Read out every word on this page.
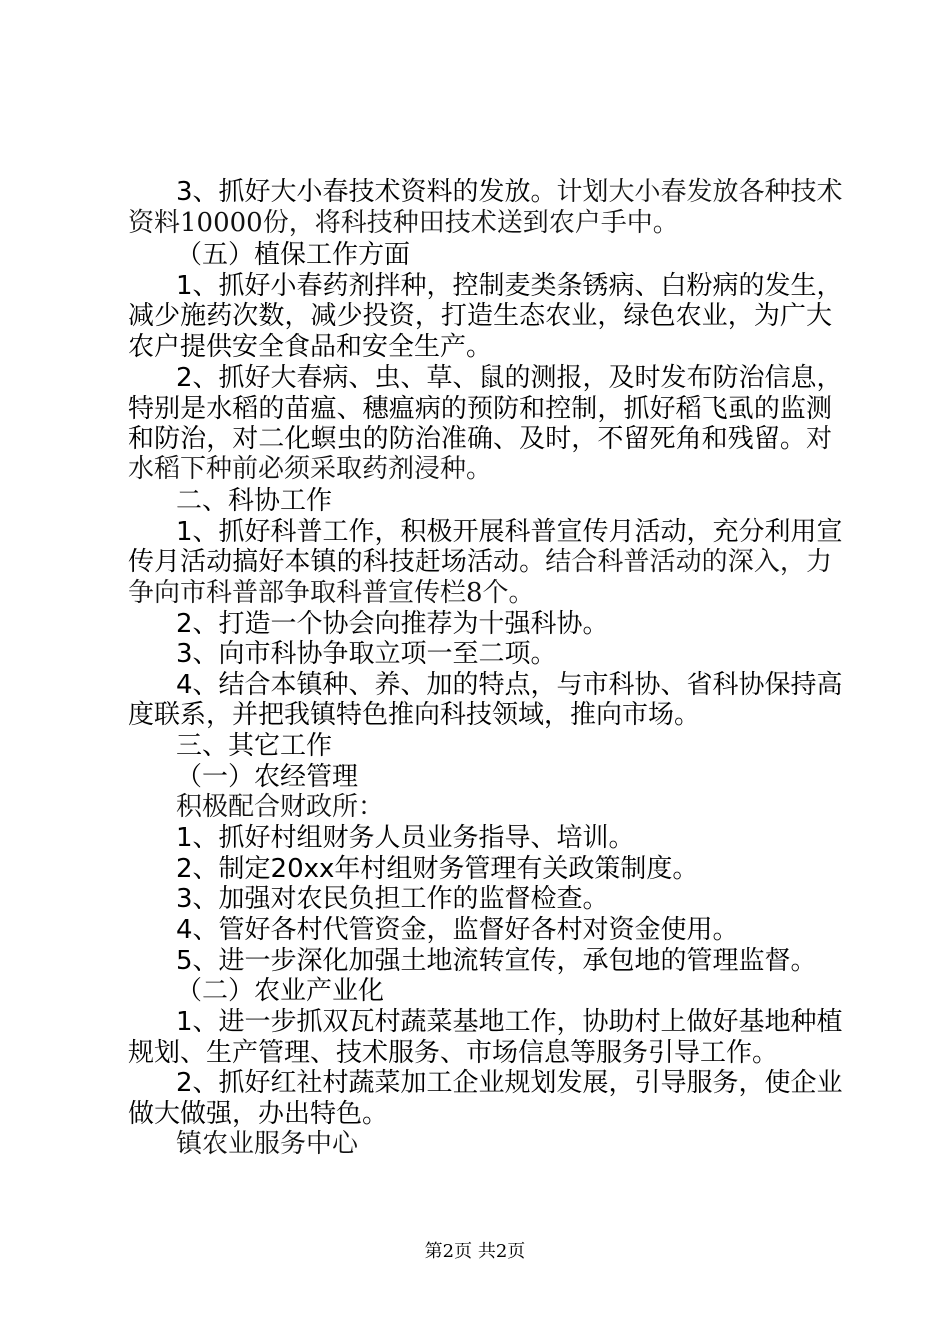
3、抓好大小春技术资料的发放。计划大小春发放各种技术
资料10000份，将科技种田技术送到农户手中。
（五）植保工作方面
1、抓好小春药剂拌种，控制麦类条锈病、白粉病的发生，
减少施药次数，减少投资，打造生态农业，绿色农业，为广大
农户提供安全食品和安全生产。
2、抓好大春病、虫、草、鼠的测报，及时发布防治信息，
特别是水稻的苗瘟、穗瘟病的预防和控制，抓好稻飞虱的监测
和防治，对二化螟虫的防治准确、及时，不留死角和残留。对
水稻下种前必须采取药剂浸种。
二、科协工作
1、抓好科普工作，积极开展科普宣传月活动，充分利用宣
传月活动搞好本镇的科技赶场活动。结合科普活动的深入，力
争向市科普部争取科普宣传栏8个。
2、打造一个协会向推荐为十强科协。
3、向市科协争取立项一至二项。
4、结合本镇种、养、加的特点，与市科协、省科协保持高
度联系，并把我镇特色推向科技领域，推向市场。
三、其它工作
（一）农经管理
积极配合财政所：
1、抓好村组财务人员业务指导、培训。
2、制定20xx年村组财务管理有关政策制度。
3、加强对农民负担工作的监督检查。
4、管好各村代管资金，监督好各村对资金使用。
5、进一步深化加强土地流转宣传，承包地的管理监督。
（二）农业产业化
1、进一步抓双瓦村蔬菜基地工作，协助村上做好基地种植
规划、生产管理、技术服务、市场信息等服务引导工作。
2、抓好红社村蔬菜加工企业规划发展，引导服务，使企业
做大做强，办出特色。
镇农业服务中心
第2页 共2页
